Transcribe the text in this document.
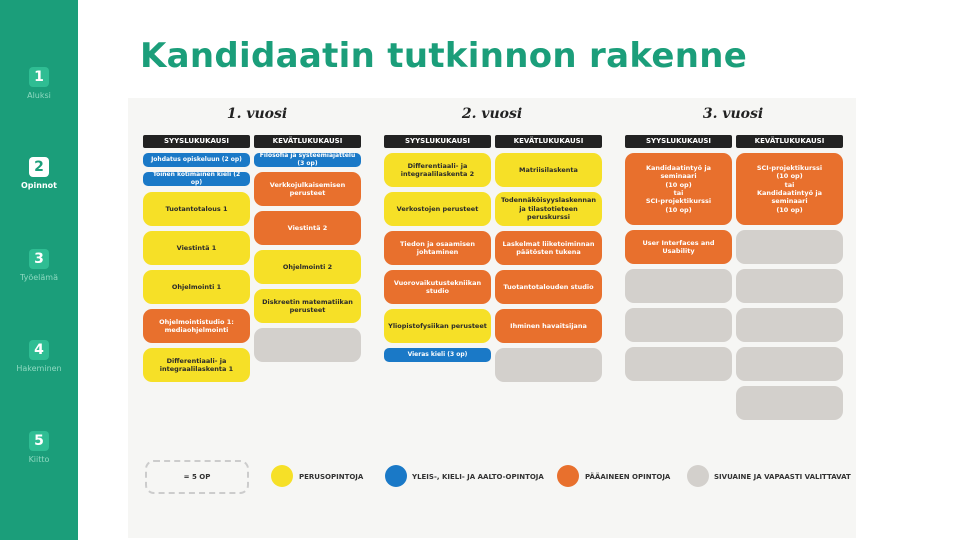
1
Aluksi
2
Opinnot
3
Työelämä
4
Hakeminen
5
Kiitto
Kandidaatin tutkinnon rakenne
1. vuosi
SYYSLUKUKAUSI	KEVÄTLUKUKAUSI
Johdatus opiskeluun (2 op)
Toinen kotimainen kieli (2 op)
Tuotantotalous 1
Viestintä 1
Ohjelmointi 1
Ohjelmointistudio 1: mediaohjelmointi
Differentiaali- ja integraalilaskenta 1
Filosofia ja systeemiajattelu (3 op)
Verkkojulkaisemisen perusteet
Viestintä 2
Ohjelmointi 2
Diskreetin matematiikan perusteet
2. vuosi
SYYSLUKUKAUSI	KEVÄTLUKUKAUSI
Differentiaali- ja integraalilaskenta 2
Verkostojen perusteet
Tiedon ja osaamisen johtaminen
Vuorovaikutustekniikan studio
Yliopistofysiikan perusteet
Vieras kieli (3 op)
Matriisilaskenta
Todennäköisyyslaskennan ja tilastotieteen peruskurssi
Laskelmat liiketoiminnan päätösten tukena
Tuotantotalouden studio
Ihminen havaitsijana
3. vuosi
SYYSLUKUKAUSI	KEVÄTLUKUKAUSI
Kandidaatintyö ja seminaari
(10 op)
tai
SCI-projektikurssi
(10 op)
User Interfaces and Usability
SCI-projektikurssi
(10 op)
tai
Kandidaatintyö ja seminaari
(10 op)
= 5 OP	PERUSOPINTOJA	YLEIS-, KIELI- JA AALTO-OPINTOJA	PÄÄAINEEN OPINTOJA	SIVUAINE JA VAPAASTI VALITTAVAT
